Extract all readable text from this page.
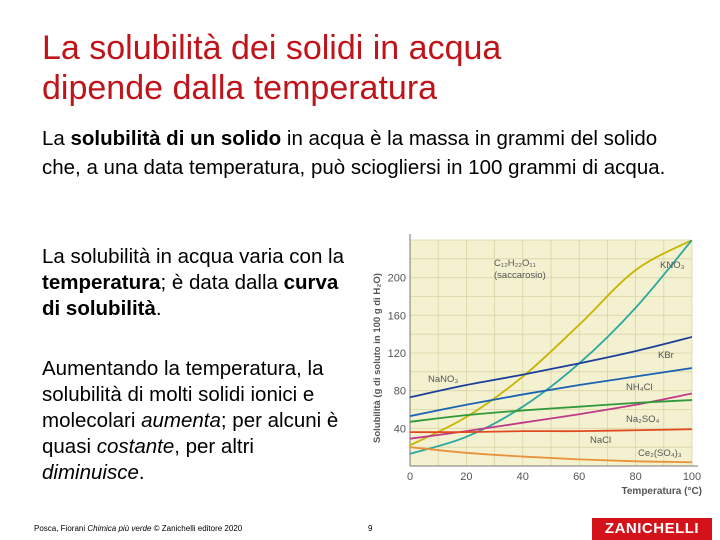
La solubilità dei solidi in acqua
dipende dalla temperatura
La solubilità di un solido in acqua è la massa in grammi del solido che, a una data temperatura, può sciogliersi in 100 grammi di acqua.
La solubilità in acqua varia con la temperatura; è data dalla curva di solubilità.
Aumentando la temperatura, la solubilità di molti solidi ionici e molecolari aumenta; per alcuni è quasi costante, per altri diminuisce.
C₁₂H₂₂O₁₁
(saccarosio)
KNO₃
KBr
NaNO₃
NH₄Cl
Na₂SO₄
NaCl
Ce₂(SO₄)₃
0	20	40	60	80	100
40
80
120
160
200
Solubilità (g di soluto in 100 g di H₂O)
Temperatura (°C)
Posca, Fiorani Chimica più verde © Zanichelli editore 2020	9	ZANICHELLI
